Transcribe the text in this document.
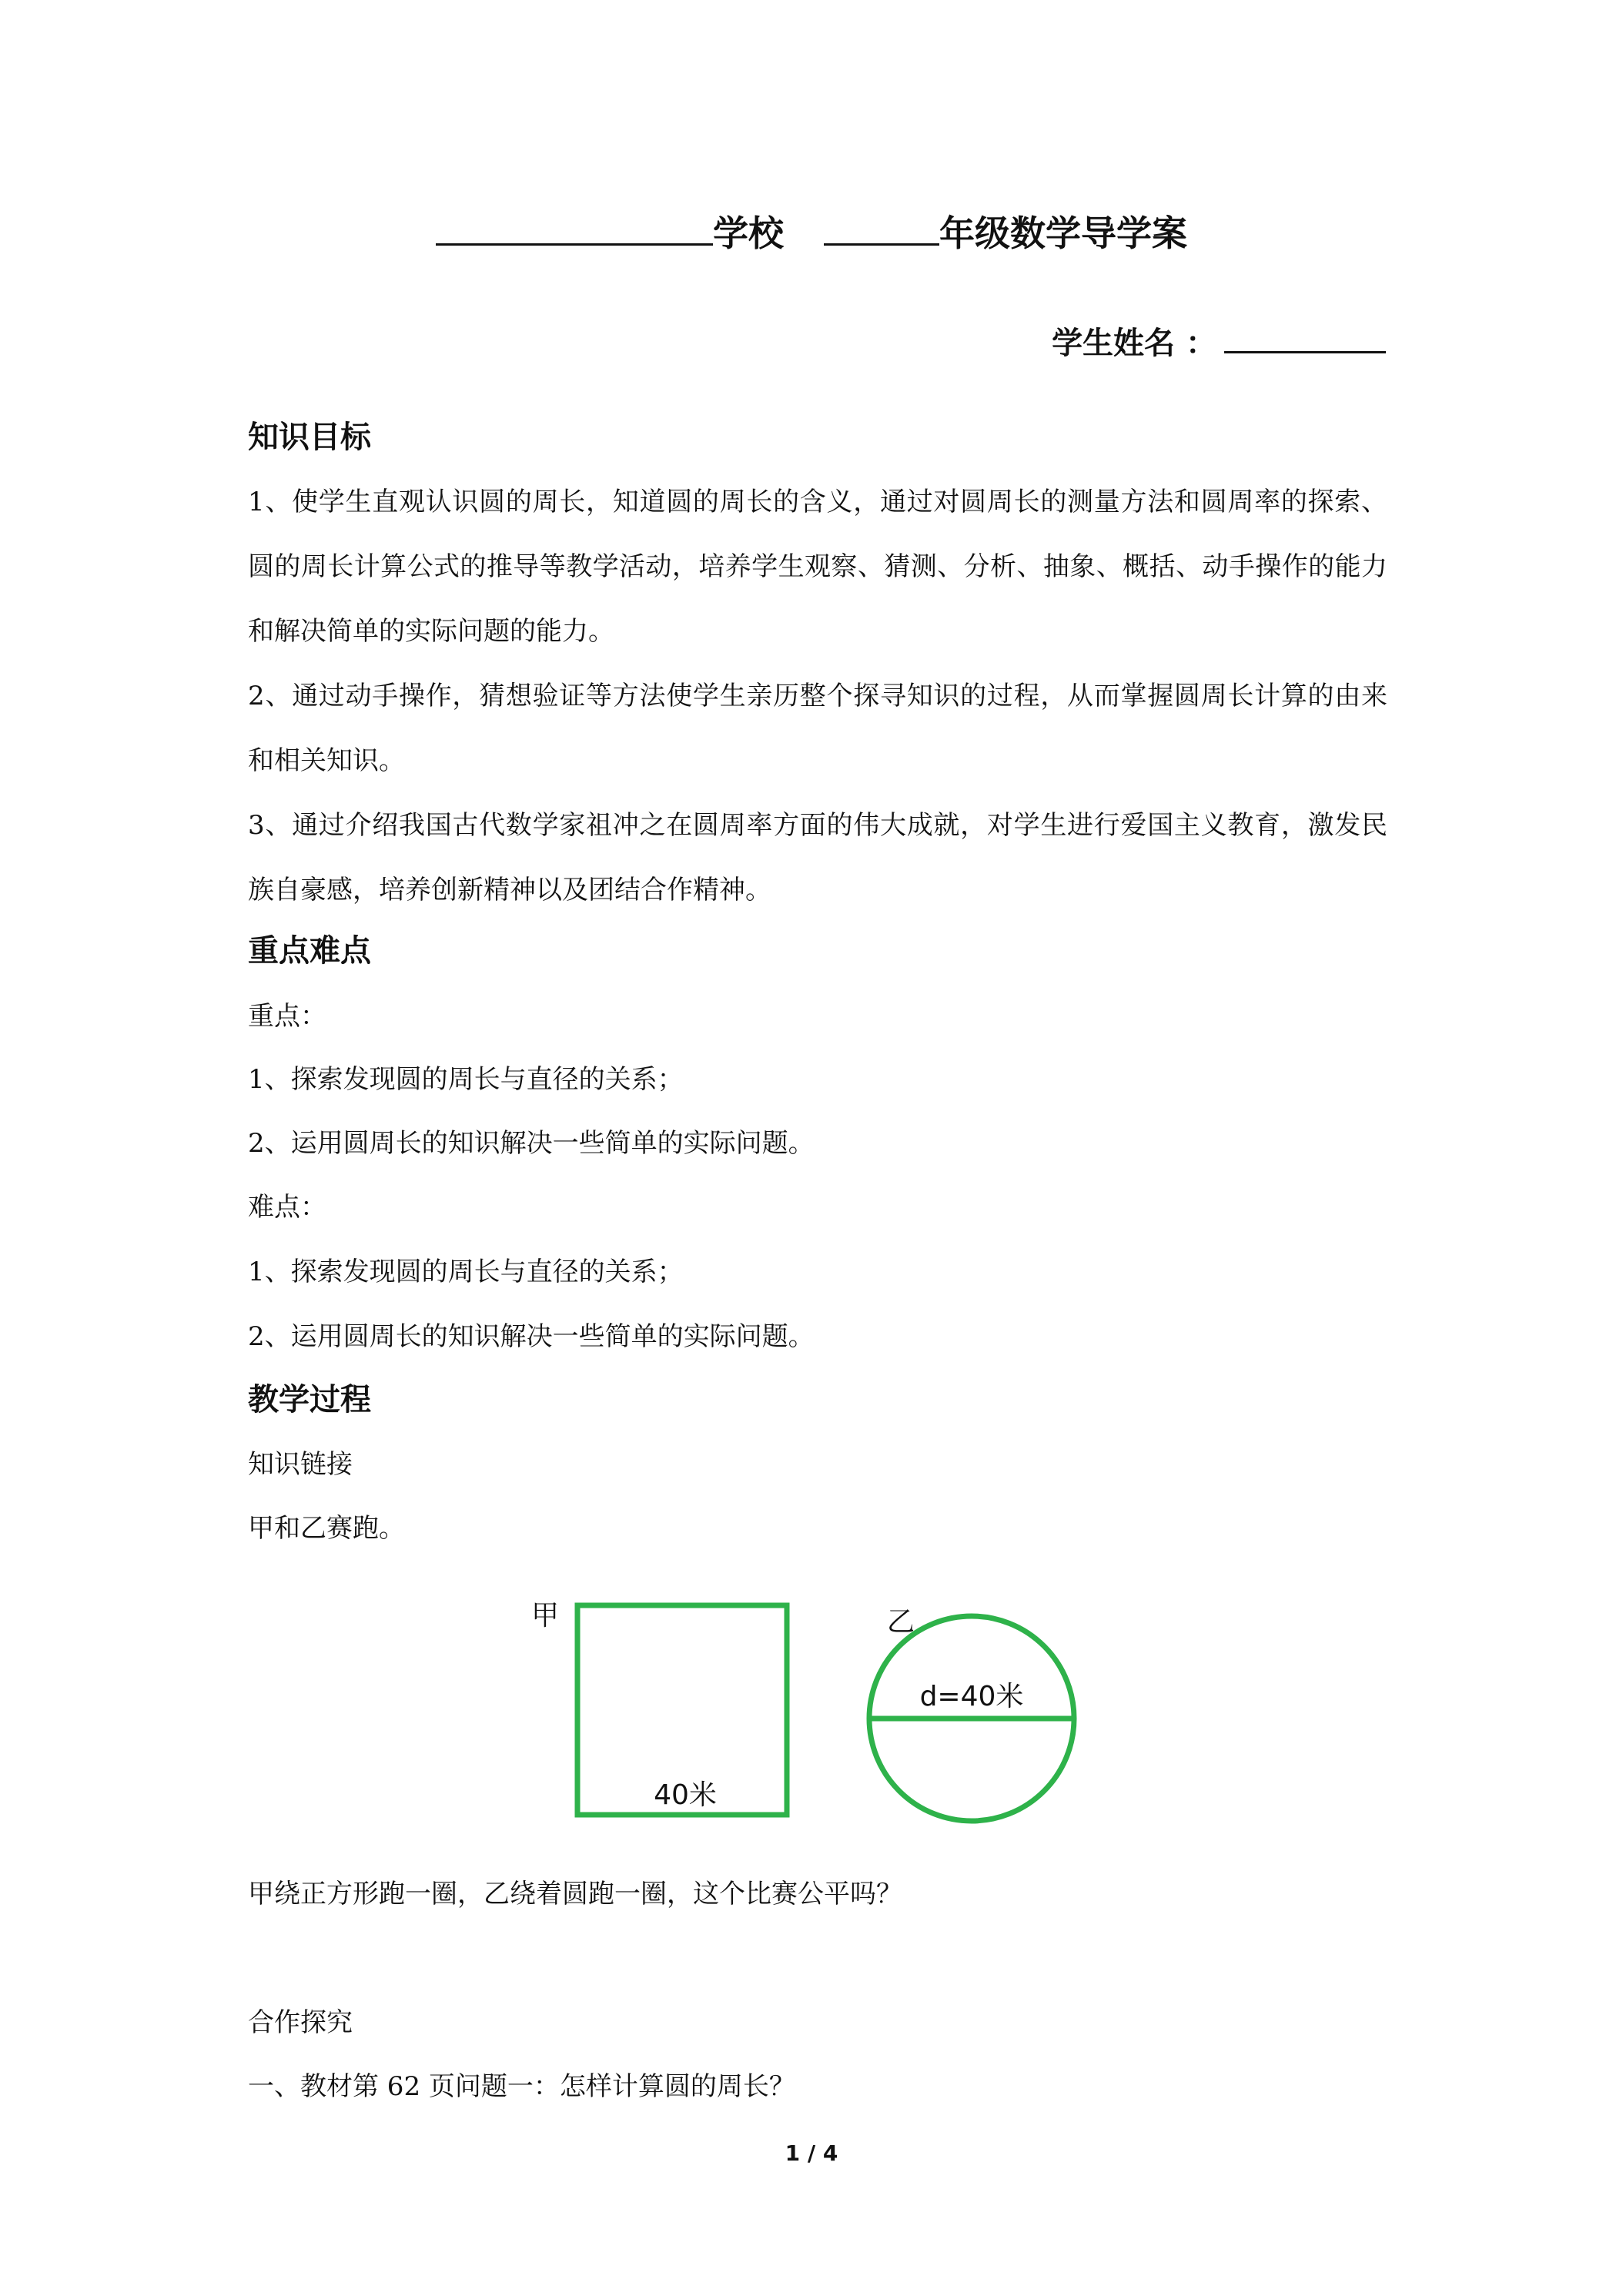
学校	年级数学导学案
学生姓名 ：
知识目标
1、使学生直观认识圆的周长，知道圆的周长的含义，通过对圆周长的测量方法和圆周率的探索、圆的周长计算公式的推导等教学活动，培养学生观察、猜测、分析、抽象、概括、动手操作的能力和解决简单的实际问题的能力。
2、通过动手操作，猜想验证等方法使学生亲历整个探寻知识的过程，从而掌握圆周长计算的由来和相关知识。
3、通过介绍我国古代数学家祖冲之在圆周率方面的伟大成就，对学生进行爱国主义教育，激发民族自豪感，培养创新精神以及团结合作精神。
重点难点
重点：
1、探索发现圆的周长与直径的关系；
2、运用圆周长的知识解决一些简单的实际问题。
难点：
1、探索发现圆的周长与直径的关系；
2、运用圆周长的知识解决一些简单的实际问题。
教学过程
知识链接
甲和乙赛跑。
甲
40米
乙
d=40米
甲绕正方形跑一圈，乙绕着圆跑一圈，这个比赛公平吗？
合作探究
一、教材第 62 页问题一：怎样计算圆的周长？
1 / 4
